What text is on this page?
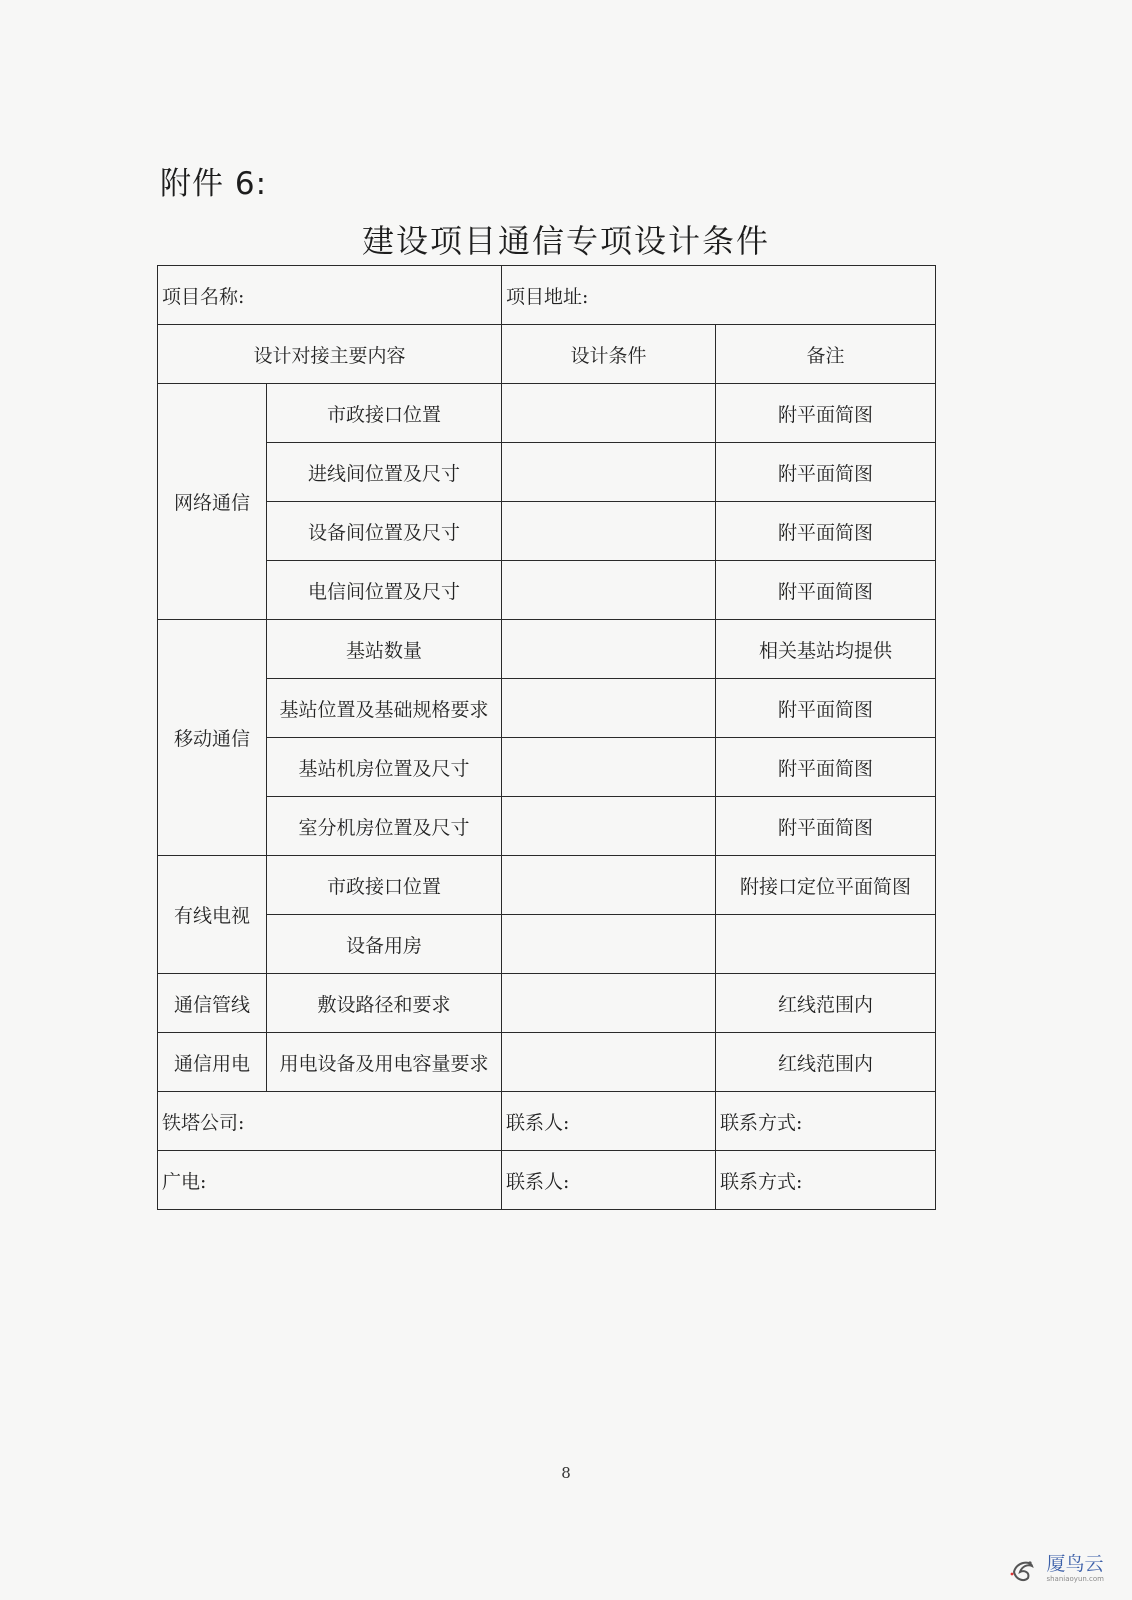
附件 6:
建设项目通信专项设计条件
项目名称:		项目地址:	
设计对接主要内容		设计条件	备注
网络通信	市政接口位置		附平面简图
	进线间位置及尺寸		附平面简图
	设备间位置及尺寸		附平面简图
	电信间位置及尺寸		附平面简图
移动通信	基站数量		相关基站均提供
	基站位置及基础规格要求		附平面简图
	基站机房位置及尺寸		附平面简图
	室分机房位置及尺寸		附平面简图
有线电视	市政接口位置		附接口定位平面简图
	设备用房		
通信管线	敷设路径和要求		红线范围内
通信用电	用电设备及用电容量要求		红线范围内
铁塔公司:		联系人:	联系方式:
广电:		联系人:	联系方式:
8
厦鸟云
shaniaoyun.com
